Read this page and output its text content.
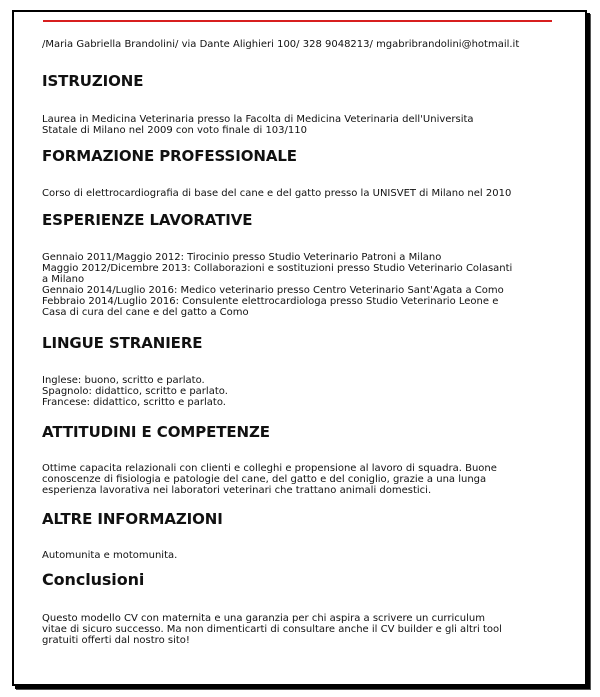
/Maria Gabriella Brandolini/ via Dante Alighieri 100/ 328 9048213/ mgabribrandolini@hotmail.it

ISTRUZIONE

Laurea in Medicina Veterinaria presso la Facolta di Medicina Veterinaria dell'Universita

Statale di Milano nel 2009 con voto finale di 103/110

FORMAZIONE PROFESSIONALE

Corso di elettrocardiografia di base del cane e del gatto presso la UNISVET di Milano nel 2010

ESPERIENZE LAVORATIVE

Gennaio 2011/Maggio 2012: Tirocinio presso Studio Veterinario Patroni a Milano

Maggio 2012/Dicembre 2013: Collaborazioni e sostituzioni presso Studio Veterinario Colasanti

a Milano

Gennaio 2014/Luglio 2016: Medico veterinario presso Centro Veterinario Sant'Agata a Como

Febbraio 2014/Luglio 2016: Consulente elettrocardiologa presso Studio Veterinario Leone e

Casa di cura del cane e del gatto a Como

LINGUE STRANIERE

Inglese: buono, scritto e parlato.

Spagnolo: didattico, scritto e parlato.

Francese: didattico, scritto e parlato.

ATTITUDINI E COMPETENZE

Ottime capacita relazionali con clienti e colleghi e propensione al lavoro di squadra. Buone

conoscenze di fisiologia e patologie del cane, del gatto e del coniglio, grazie a una lunga

esperienza lavorativa nei laboratori veterinari che trattano animali domestici.

ALTRE INFORMAZIONI

Automunita e motomunita.

Conclusioni

Questo modello CV con maternita e una garanzia per chi aspira a scrivere un curriculum

vitae di sicuro successo. Ma non dimenticarti di consultare anche il CV builder e gli altri tool

gratuiti offerti dal nostro sito!
